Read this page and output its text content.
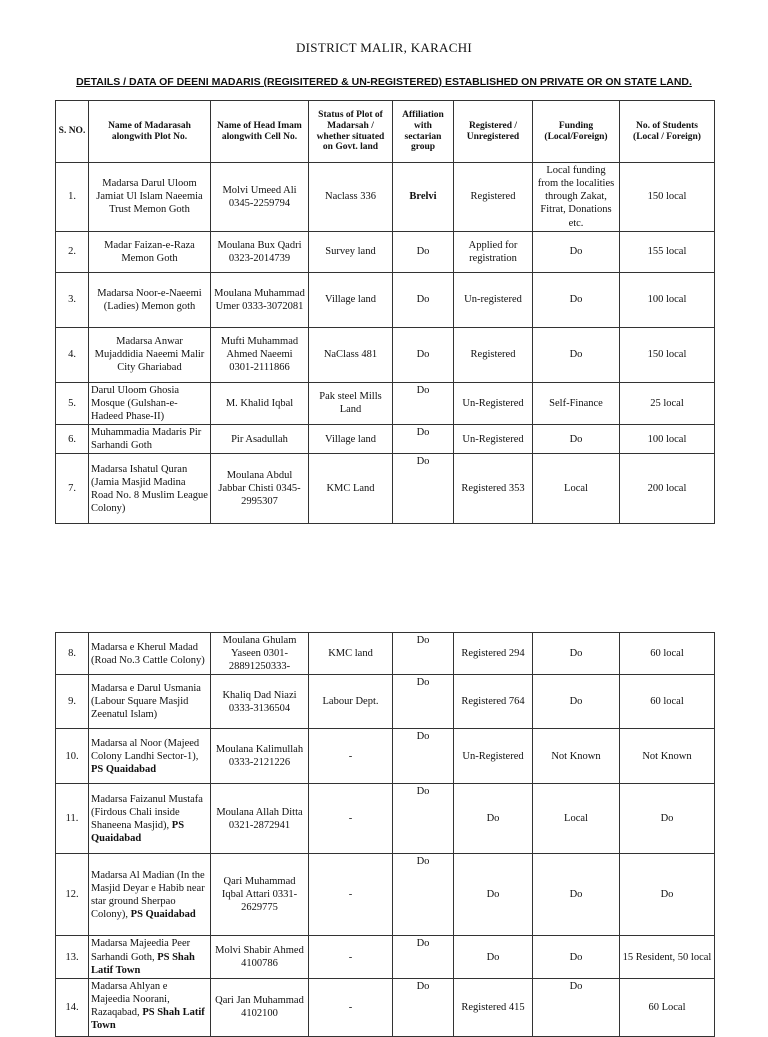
DISTRICT MALIR, KARACHI
DETAILS / DATA OF DEENI MADARIS (REGISITERED & UN-REGISTERED) ESTABLISHED ON PRIVATE OR ON STATE LAND.
S. NO.	Name of Madarasah alongwith Plot No.	Name of Head Imam alongwith Cell No.	Status of Plot of Madarsah / whether situated on Govt. land	Affiliation with sectarian group	Registered / Unregistered	Funding (Local/Foreign)	No. of Students (Local / Foreign)
1.	Madarsa Darul Uloom Jamiat Ul Islam Naeemia Trust Memon Goth	Molvi Umeed Ali 0345-2259794	Naclass 336	Brelvi	Registered	Local funding from the localities through Zakat, Fitrat, Donations etc.	150 local
2.	Madar Faizan-e-Raza Memon Goth	Moulana Bux Qadri 0323-2014739	Survey land	Do	Applied for registration	Do	155 local
3.	Madarsa Noor-e-Naeemi (Ladies) Memon goth	Moulana Muhammad Umer 0333-3072081	Village land	Do	Un-registered	Do	100 local
4.	Madarsa Anwar Mujaddidia Naeemi Malir City Ghariabad	Mufti Muhammad Ahmed Naeemi 0301-2111866	NaClass 481	Do	Registered	Do	150 local
5.	Darul Uloom Ghosia Mosque (Gulshan-e-Hadeed Phase-II)	M. Khalid Iqbal	Pak steel Mills Land	Do	Un-Registered	Self-Finance	25 local
6.	Muhammadia Madaris Pir Sarhandi Goth	Pir Asadullah	Village land	Do	Un-Registered	Do	100 local
7.	Madarsa Ishatul Quran (Jamia Masjid Madina Road No. 8 Muslim League Colony)	Moulana Abdul Jabbar Chisti 0345-2995307	KMC Land	Do	Registered 353	Local	200 local
8.	Madarsa e Kherul Madad (Road No.3 Cattle Colony)	Moulana Ghulam Yaseen 0301-28891250333-	KMC land	Do	Registered 294	Do	60 local
9.	Madarsa e Darul Usmania (Labour Square Masjid Zeenatul Islam)	Khaliq Dad Niazi 0333-3136504	Labour Dept.	Do	Registered 764	Do	60 local
10.	Madarsa al Noor (Majeed Colony Landhi Sector-1), PS Quaidabad	Moulana Kalimullah 0333-2121226	-	Do	Un-Registered	Not Known	Not Known
11.	Madarsa Faizanul Mustafa (Firdous Chali inside Shaneena Masjid), PS Quaidabad	Moulana Allah Ditta 0321-2872941	-	Do	Do	Local	Do
12.	Madarsa Al Madian (In the Masjid Deyar e Habib near star ground Sherpao Colony), PS Quaidabad	Qari Muhammad Iqbal Attari 0331-2629775	-	Do	Do	Do	Do
13.	Madarsa Majeedia Peer Sarhandi Goth, PS Shah Latif Town	Molvi Shabir Ahmed 4100786	-	Do	Do	Do	15 Resident, 50 local
14.	Madarsa Ahlyan e Majeedia Noorani, Razaqabad, PS Shah Latif Town	Qari Jan Muhammad 4102100	-	Do	Registered 415	Do	60 Local
